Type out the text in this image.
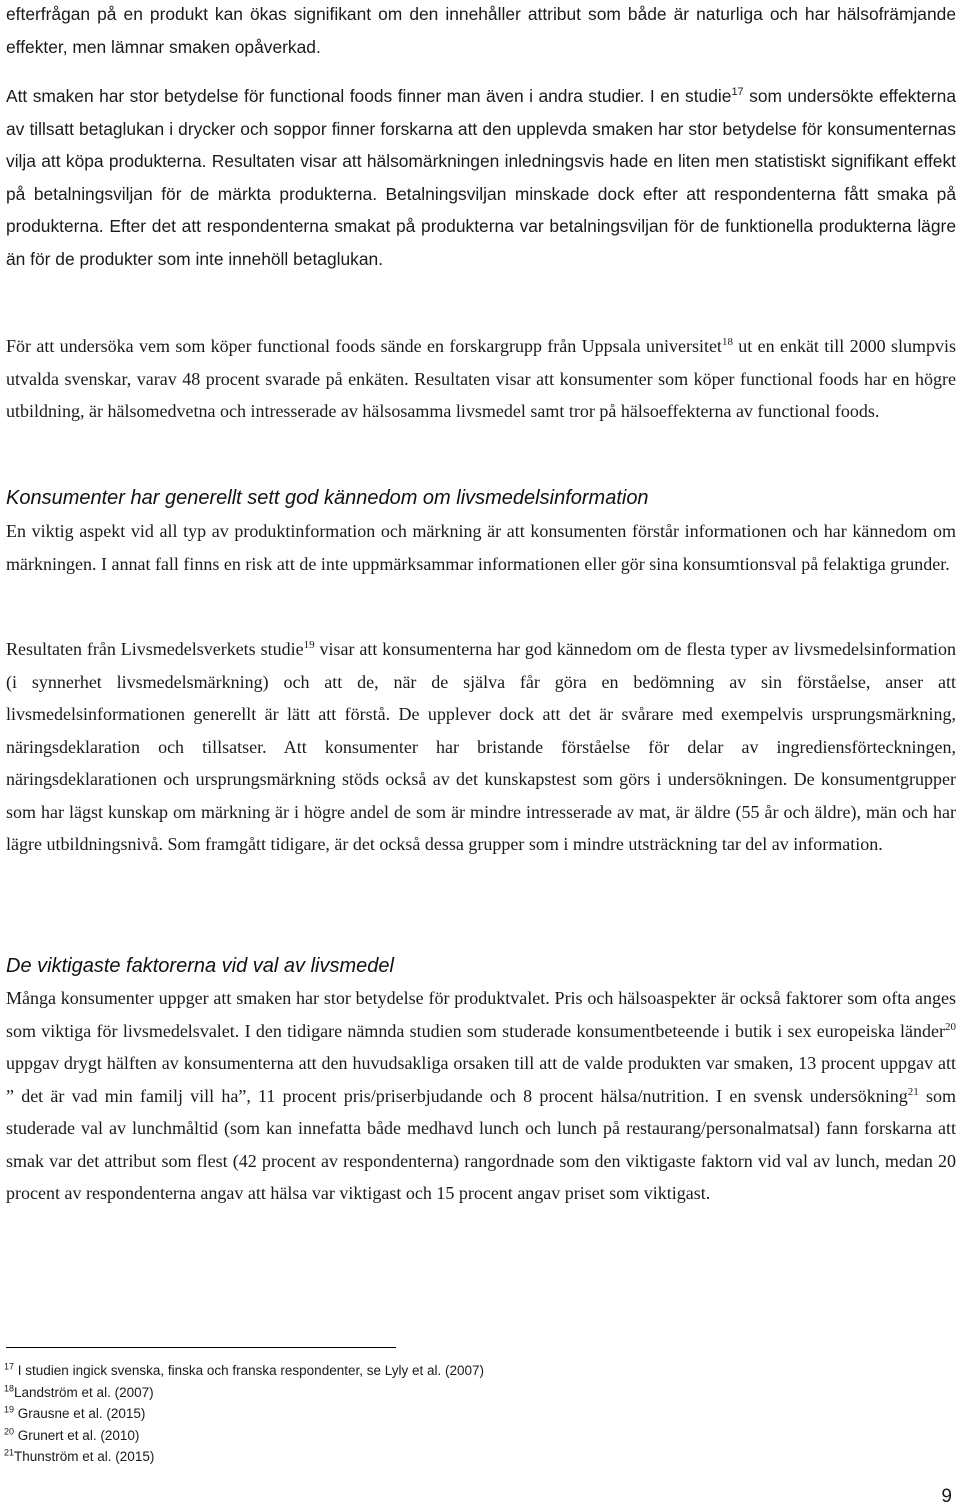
efterfrågan på en produkt kan ökas signifikant om den innehåller attribut som både är naturliga och har hälsofrämjande effekter, men lämnar smaken opåverkad.

Att smaken har stor betydelse för functional foods finner man även i andra studier. I en studie$^{17}$ som undersökte effekterna av tillsatt betaglukan i drycker och soppor finner forskarna att den upplevda smaken har stor betydelse för konsumenternas vilja att köpa produkterna. Resultaten visar att hälsomärkningen inledningsvis hade en liten men statistiskt signifikant effekt på betalningsviljan för de märkta produkterna. Betalningsviljan minskade dock efter att respondenterna fått smaka på produkterna. Efter det att respondenterna smakat på produkterna var betalningsviljan för de funktionella produkterna lägre än för de produkter som inte innehöll betaglukan.

För att undersöka vem som köper functional foods sände en forskargrupp från Uppsala universitet$^{18}$ ut en enkät till 2000 slumpvis utvalda svenskar, varav 48 procent svarade på enkäten. Resultaten visar att konsumenter som köper functional foods har en högre utbildning, är hälsomedvetna och intresserade av hälsosamma livsmedel samt tror på hälsoeffekterna av functional foods.

Konsumenter har generellt sett god kännedom om livsmedelsinformation

En viktig aspekt vid all typ av produktinformation och märkning är att konsumenten förstår informationen och har kännedom om märkningen. I annat fall finns en risk att de inte uppmärksammar informationen eller gör sina konsumtionsval på felaktiga grunder.

Resultaten från Livsmedelsverkets studie$^{19}$ visar att konsumenterna har god kännedom om de flesta typer av livsmedelsinformation (i synnerhet livsmedelsmärkning) och att de, när de själva får göra en bedömning av sin förståelse, anser att livsmedelsinformationen generellt är lätt att förstå. De upplever dock att det är svårare med exempelvis ursprungsmärkning, näringsdeklaration och tillsatser. Att konsumenter har bristande förståelse för delar av ingrediensförteckningen, näringsdeklarationen och ursprungsmärkning stöds också av det kunskapstest som görs i undersökningen. De konsumentgrupper som har lägst kunskap om märkning är i högre andel de som är mindre intresserade av mat, är äldre (55 år och äldre), män och har lägre utbildningsnivå. Som framgått tidigare, är det också dessa grupper som i mindre utsträckning tar del av information.

De viktigaste faktorerna vid val av livsmedel

Många konsumenter uppger att smaken har stor betydelse för produktvalet. Pris och hälsoaspekter är också faktorer som ofta anges som viktiga för livsmedelsvalet. I den tidigare nämnda studien som studerade konsumentbeteende i butik i sex europeiska länder$^{20}$ uppgav drygt hälften av konsumenterna att den huvudsakliga orsaken till att de valde produkten var smaken, 13 procent uppgav att ” det är vad min familj vill ha”, 11 procent pris/priserbjudande och 8 procent hälsa/nutrition. I en svensk undersökning$^{21}$ som studerade val av lunchmåltid (som kan innefatta både medhavd lunch och lunch på restaurang/personalmatsal) fann forskarna att smak var det attribut som flest (42 procent av respondenterna) rangordnade som den viktigaste faktorn vid val av lunch, medan 20 procent av respondenterna angav att hälsa var viktigast och 15 procent angav priset som viktigast.

$^{17}$ I studien ingick svenska, finska och franska respondenter, se Lyly et al. (2007)
$^{18}$Landström et al. (2007)
$^{19}$ Grausne et al. (2015)
$^{20}$ Grunert et al. (2010)
$^{21}$Thunström et al. (2015)
9
